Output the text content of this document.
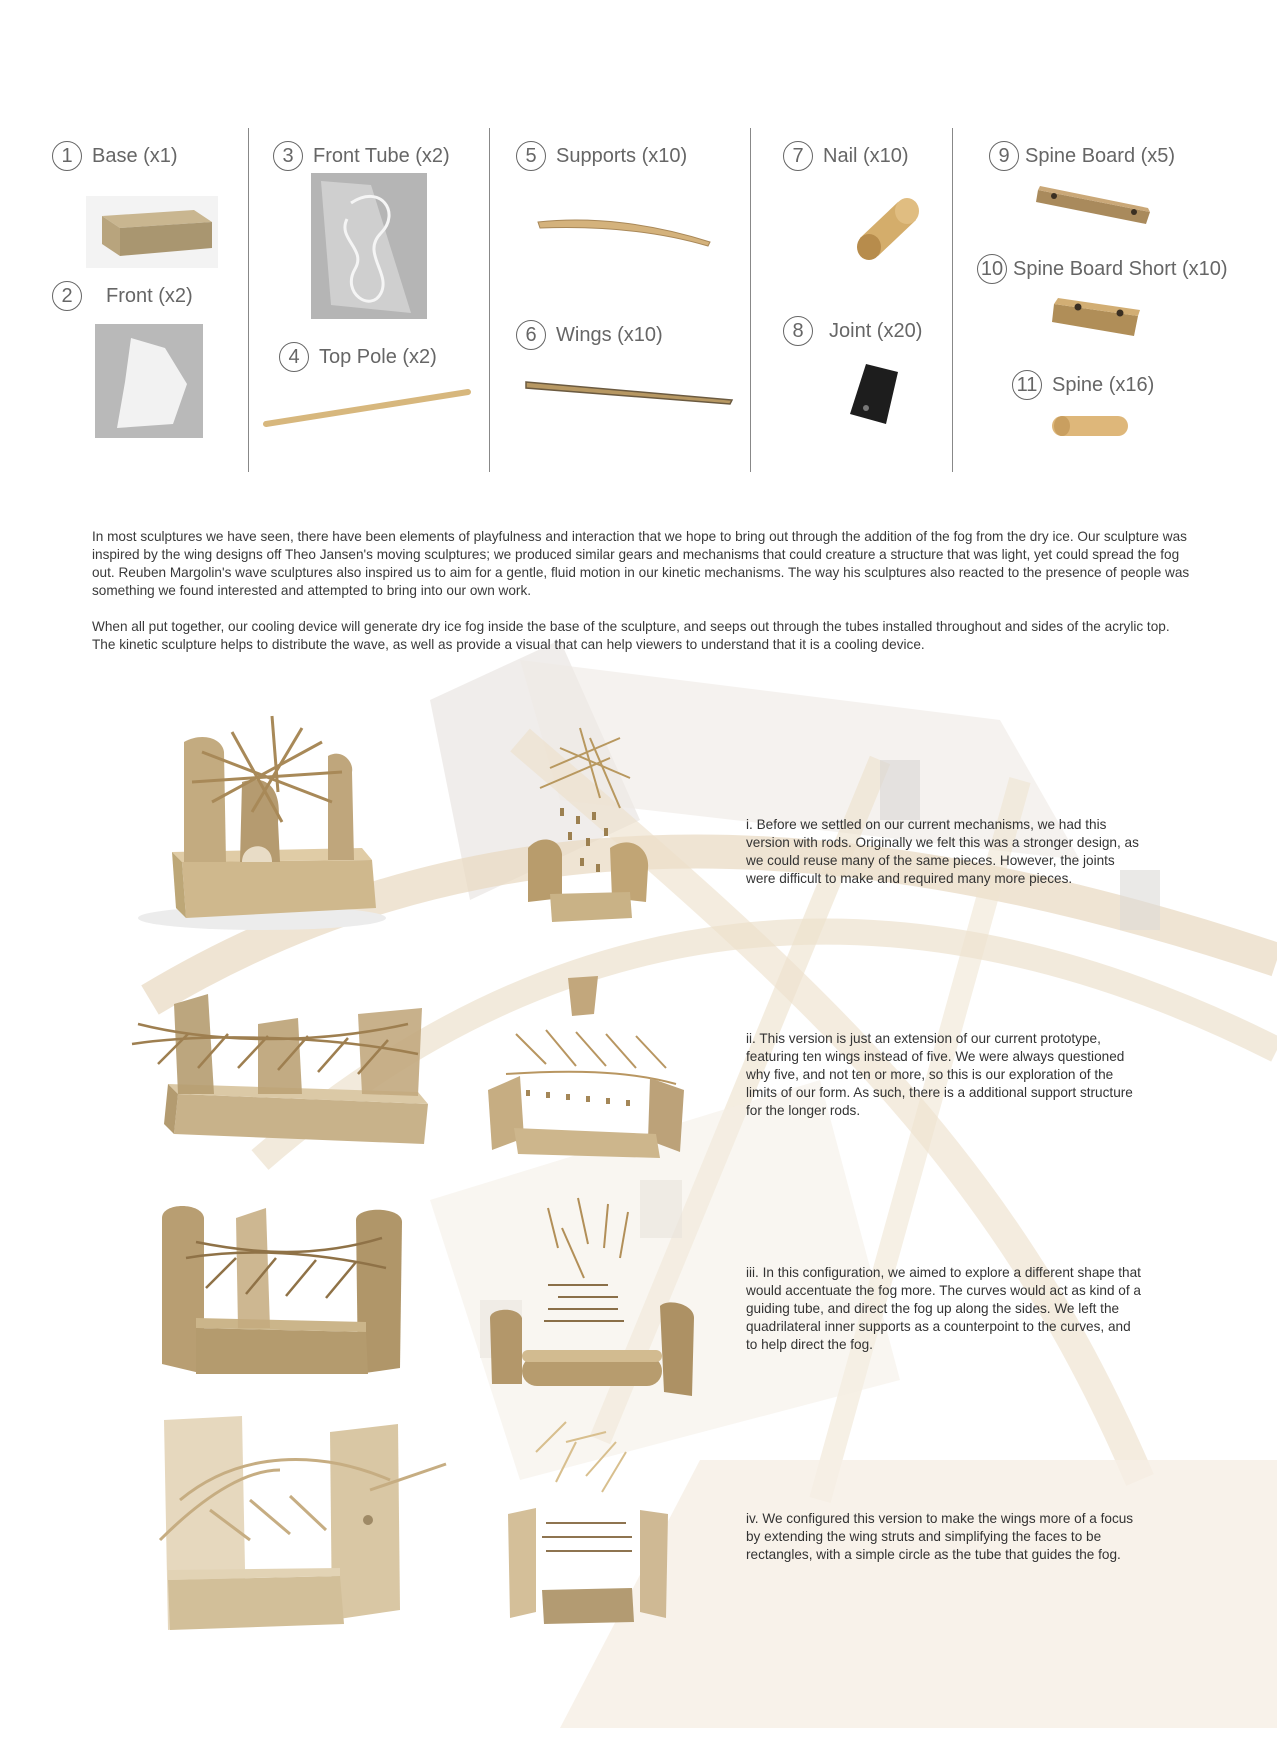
1 Base (x1)
2	Front (x2)
3 Front Tube (x2)
4 Top Pole (x2)
5 Supports (x10)
6 Wings (x10)
7 Nail (x10)
8	Joint (x20)
9 Spine Board (x5)
10 Spine Board Short (x10)
11 Spine (x16)

In most sculptures we have seen, there have been elements of playfulness and interaction that we hope to bring out through the addition of the fog from the dry ice. Our sculpture was inspired by the wing designs off Theo Jansen's moving sculptures; we produced similar gears and mechanisms that could creature a structure that was light, yet could spread the fog out. Reuben Margolin's wave sculptures also inspired us to aim for a gentle, fluid motion in our kinetic mechanisms. The way his sculptures also reacted to the presence of people was something we found interested and attempted to bring into our own work.

When all put together, our cooling device will generate dry ice fog inside the base of the sculpture, and seeps out through the tubes installed throughout and sides of the acrylic top. The kinetic sculpture helps to distribute the wave, as well as provide a visual that can help viewers to understand that it is a cooling device.

i. Before we settled on our current mechanisms, we had this version with rods. Originally we felt this was a stronger design, as we could reuse many of the same pieces. However, the joints were difficult to make and required many more pieces.

ii. This version is just an extension of our current prototype, featuring ten wings instead of five. We were always questioned why five, and not ten or more, so this is our exploration of the limits of our form. As such, there is a additional support structure for the longer rods.

iii. In this configuration, we aimed to explore a different shape that would accentuate the fog more. The curves would act as kind of a guiding tube, and direct the fog up along the sides. We left the quadrilateral inner supports as a counterpoint to the curves, and to help direct the fog.

iv. We configured this version to make the wings more of a focus by extending the wing struts and simplifying the faces to be rectangles, with a simple circle as the tube that guides the fog.
